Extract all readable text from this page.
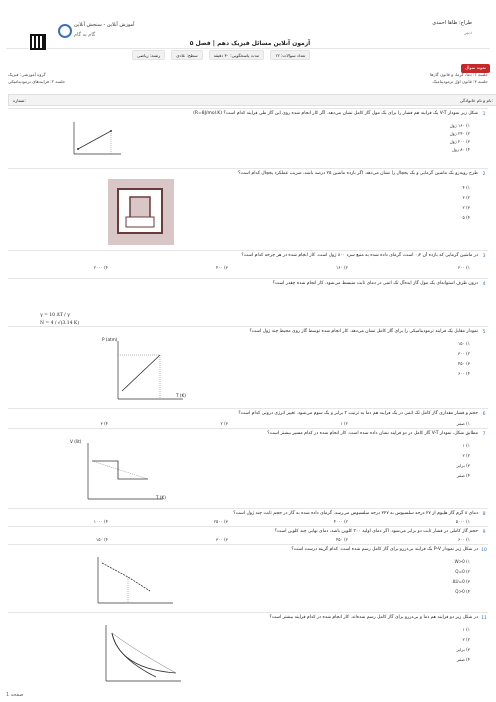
آموزش آنلاین - سنجش آنلاین
گام به گام
طراح: طاها احمدی
دبیر
آزمون آنلاین مسائل فیزیک دهم | فصل ۵
رشته: ریاضی	سطح: عادی	مدت پاسخگویی: ۳۰ دقیقه	تعداد سوالات: ۱۲
نمونه سوال
گروه آموزشی: فیزیک	جلسه ۱: دما، گرما، و قانون گازها
جلسه ۲: فرایندهای ترمودینامیکی	جلسه ۳: قانون اول ترمودینامیک
شماره:	نام و نام خانوادگی:
1
شکل زیر نمودار V-T یک فرایند هم فشار را برای یک مول گاز کامل نشان می‌دهد. اگر کار انجام شده روی این گاز طی فرایند کدام است؟ (R=8J/mol.K)
۱) ۱۶۰ ژول
۲) ۲۴۰ ژول
۳) ۲۰۰ ژول
۴) ۸۰ ژول
2
طرح روبه‌رو یک ماشین گرمایی و یک یخچال را نشان می‌دهد. اگر بازده ماشین ۲۵ درصد باشد، ضریب عملکرد یخچال کدام است؟
۱) ۴
۲) ۳
۳) ۲
۴) ۵
3
در ماشین گرمایی که بازده آن ۰٫۲ است، گرمای داده شده به منبع سرد ۸۰۰ ژول است. کار انجام شده در هر چرخه کدام است؟
۱) ۲۰۰
۲) ۱۶۰
۳) ۴۰۰
۴) ۲۰۰۰
4
درون ظرف استوانه‌ای یک مول گاز ایده‌آل تک اتمی در دمای ثابت منبسط می‌شود. کار انجام شده چقدر است؟
γ = 10 ΔT / γ
N = 4 / √(3.14 K)
5
نمودار مقابل یک فرایند ترمودینامیکی را برای گاز کامل نشان می‌دهد. کار انجام شده توسط گاز روی محیط چند ژول است؟
۱) ۱۵۰
۲) ۳۰۰
۳) ۴۵۰
۴) ۶۰۰
P (atm)
T (K)
6
حجم و فشار مقداری گاز کامل تک اتمی در یک فرایند هم دما به ترتیب ۳ برابر و یک سوم می‌شود. تغییر انرژی درونی کدام است؟
۱) صفر
۲) ۱
۳) ۲
۴) ۳
7
مطابق شکل، نمودار V-T گاز کامل در دو فرایند نشان داده شده است. کار انجام شده در کدام مسیر بیشتر است؟
۱) ۱
۲) ۲
۳) برابر
۴) صفر
V (lit)
T (K)
8
دمای ۸ گرم گاز هلیوم از ۲۷ درجه سلسیوس به ۲۲۷ درجه سلسیوس می‌رسد. گرمای داده شده به گاز در حجم ثابت چند ژول است؟
۱) ۵۰۰۰
۲) ۴۰۰۰
۳) ۲۵۰۰
۴) ۱۰۰۰
9
حجم گاز کاملی در فشار ثابت دو برابر می‌شود. اگر دمای اولیه ۳۰۰ کلوین باشد، دمای نهایی چند کلوین است؟
۱) ۶۰۰
۲) ۴۵۰
۳) ۳۰۰
۴) ۱۵۰
10
در شکل زیر نمودار P-V یک فرایند بی‌دررو برای گاز کامل رسم شده است. کدام گزینه درست است؟
۱) W>0
۲) Q=0
۳) ΔU=0
۴) Q>0
11
در شکل زیر دو فرایند هم دما و بی‌دررو برای گاز کامل رسم شده‌اند. کار انجام شده در کدام فرایند بیشتر است؟
۱) ۱
۲) ۲
۳) برابر
۴) صفر
صفحه 1
